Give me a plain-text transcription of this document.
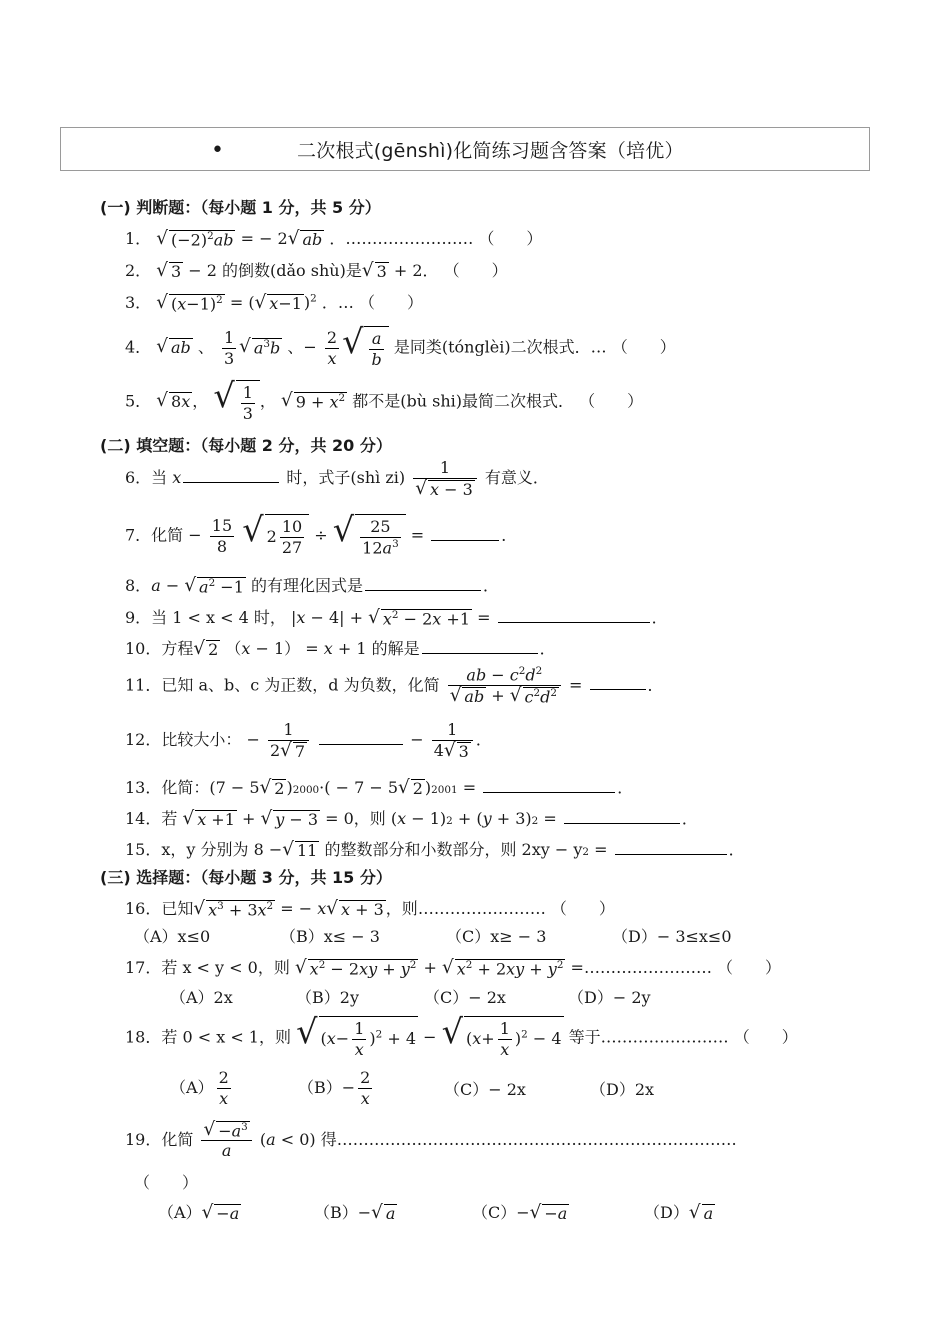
•	二次根式(gēnshì)化简练习题含答案（培优）
(一) 判断题：（每小题 1 分，共 5 分）
1． √ $(-2)^2ab$ = − 2 √ ab ．…………………… （　　）
2． √ 3 − 2 的倒数(dǎo shù)是 √ 3 + 2． （　　）
3． √ $(x-1)^2$ = ( √ x−1 )$^2$ ．… （　　）
4． √ ab 、 $\frac{1}{3}$ √ $a^3b$ 、− $\frac{2}{x}$ √ $\frac{a}{b}$ 是同类(tónglèi)二次根式．… （　　）
5． √ 8x ， √ $\frac{1}{3}$ ， √ $9 + x^2$ 都不是(bù shi)最简二次根式． （　　）
(二) 填空题：（每小题 2 分，共 20 分）
6．当 x	时，式子(shì $zi) \frac{1}{√ x - 3}$ 有意义．
7．化简 − $\frac{15}{8}$
√ $2 \frac{10}{27}$ ÷ √ $\frac{25}{12a^3}$ =	．
8．a − √ $a^2 -1$ 的有理化因式是	．
9．当 1 < x < 4 时， |x − 4| + √ $x^2 - 2x +1$ =	．
10．方程 √ 2 （x − 1） = x + 1 的解是	．
11．已知 a、b、c 为正数，d 为负数，化简 $\frac{ab - c^2d^2}{√ ab + √ c^2d^2}$ =	．
12．比较大小： − $\frac{1}{2 √ 7}$	− $\frac{1}{4 √ 3}$ ．
13．化简：(7 − 5 √ 2 )2000·( − 7 − 5 √ 2 )2001 =	．
14．若 √ x +1 + √ y − 3 = 0，则 (x − 1)2 + (y + 3)2 =	．
15．x，y 分别为 8 − √ 11 的整数部分和小数部分，则 2xy − y2 =	．
(三) 选择题：（每小题 3 分，共 15 分）
16．已知 √ $x^3 + 3x^2$ = − x √ x + 3 ，则…………………… （　　）
（A）x≤0	（B）x≤ − 3	（C）x≥ − 3	（D）− 3≤x≤0
17．若 x < y < 0，则 √ $x^2 - 2xy + y^2$ + √ $x^2 + 2xy + y^2$ =…………………… （　　）
（A）2x	（B）2y	（C）− 2x	（D）− 2y
18．若 0 < x < 1，则 √ $(x- \frac{1}{x} )^2 + 4$ − √ $(x+ \frac{1}{x} )^2 - 4$ 等于…………………… （　　）
$(A) \frac{2}{x}$	$(B)- \frac{2}{x}$	（C）− 2x	（D）2x
19．化简 $\frac{√ -a^3}{a} (a < 0)$ 得…………………………………………………………………
（　　）
（A） √ −a	（B）− √ a	（C）− √ −a	（D） √ a
